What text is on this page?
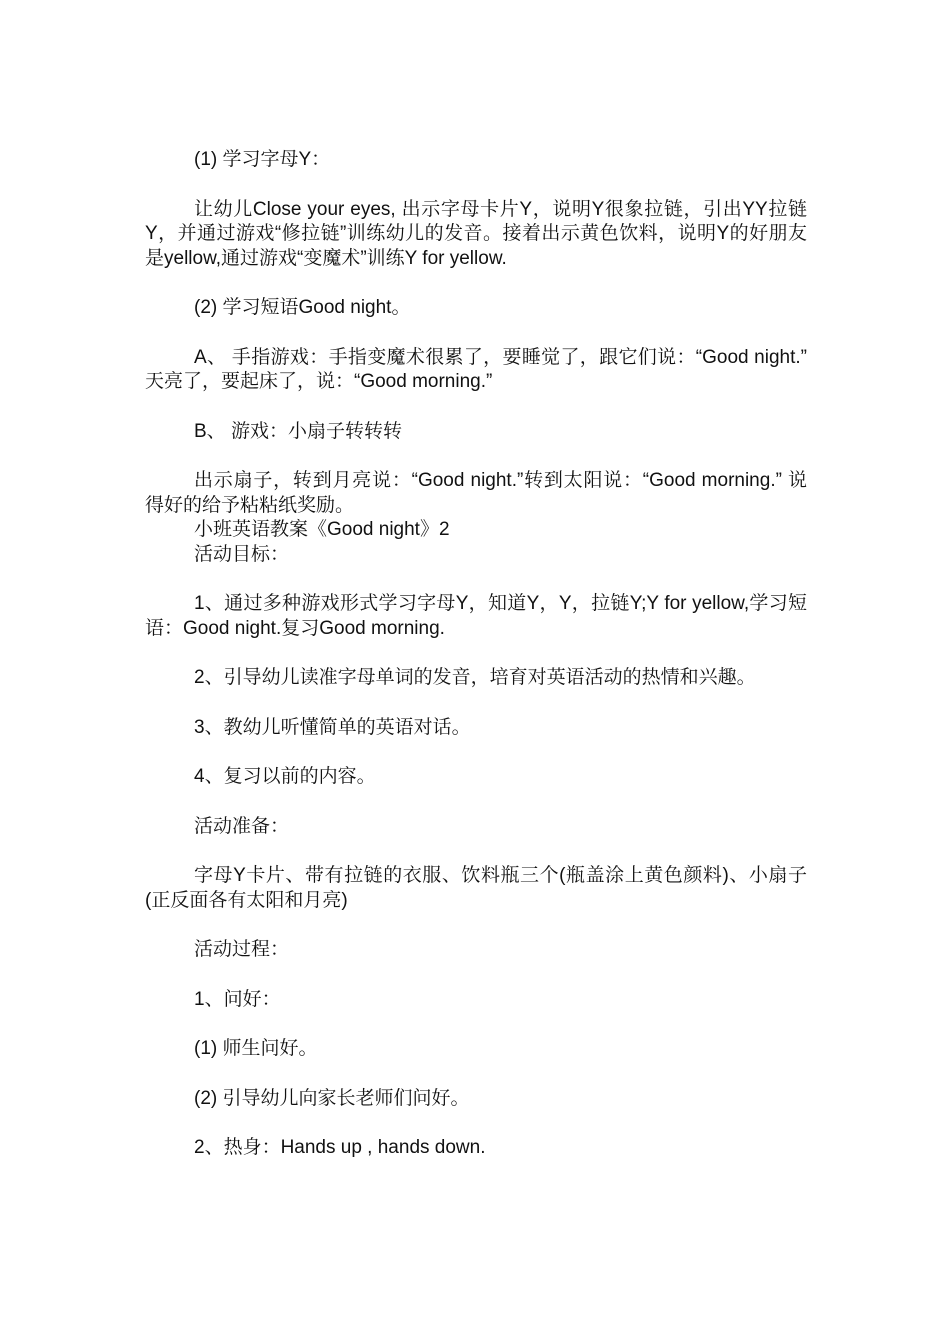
(1) 学习字母Y：

让幼儿Close your eyes, 出示字母卡片Y，说明Y很象拉链，引出YY拉链Y，并通过游戏“修拉链”训练幼儿的发音。接着出示黄色饮料，说明Y的好朋友是yellow,通过游戏“变魔术”训练Y for yellow.

(2) 学习短语Good night。

A、 手指游戏：手指变魔术很累了，要睡觉了，跟它们说：“Good night.” 天亮了，要起床了，说：“Good morning.”

B、 游戏：小扇子转转转

出示扇子，转到月亮说：“Good night.”转到太阳说：“Good morning.” 说得好的给予粘粘纸奖励。

小班英语教案《Good night》2

活动目标：

1、通过多种游戏形式学习字母Y，知道Y，Y，拉链Y;Y for yellow,学习短语：Good night.复习Good morning.

2、引导幼儿读准字母单词的发音，培育对英语活动的热情和兴趣。

3、教幼儿听懂简单的英语对话。

4、复习以前的内容。

活动准备：

字母Y卡片、带有拉链的衣服、饮料瓶三个(瓶盖涂上黄色颜料)、小扇子(正反面各有太阳和月亮)

活动过程：

1、问好：

(1) 师生问好。

(2) 引导幼儿向家长老师们问好。

2、热身：Hands up , hands down.
